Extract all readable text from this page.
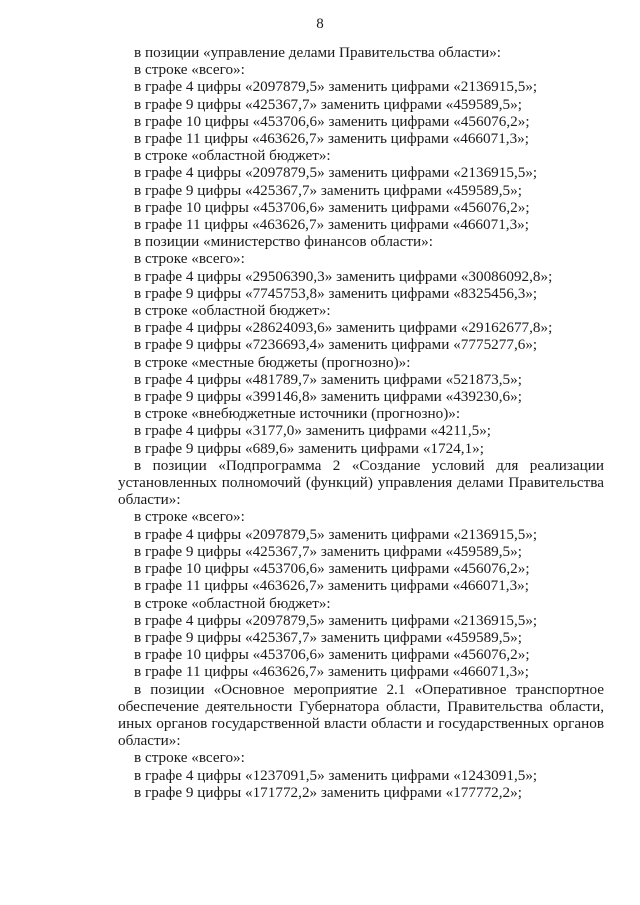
8
в позиции «управление делами Правительства области»:
в строке «всего»:
в графе 4 цифры «2097879,5» заменить цифрами «2136915,5»;
в графе 9 цифры «425367,7» заменить цифрами «459589,5»;
в графе 10 цифры «453706,6» заменить цифрами «456076,2»;
в графе 11 цифры «463626,7» заменить цифрами «466071,3»;
в строке «областной бюджет»:
в графе 4 цифры «2097879,5» заменить цифрами «2136915,5»;
в графе 9 цифры «425367,7» заменить цифрами «459589,5»;
в графе 10 цифры «453706,6» заменить цифрами «456076,2»;
в графе 11 цифры «463626,7» заменить цифрами «466071,3»;
в позиции «министерство финансов области»:
в строке «всего»:
в графе 4 цифры «29506390,3» заменить цифрами «30086092,8»;
в графе 9 цифры «7745753,8» заменить цифрами «8325456,3»;
в строке «областной бюджет»:
в графе 4 цифры «28624093,6» заменить цифрами «29162677,8»;
в графе 9 цифры «7236693,4» заменить цифрами «7775277,6»;
в строке «местные бюджеты (прогнозно)»:
в графе 4 цифры «481789,7» заменить цифрами «521873,5»;
в графе 9 цифры «399146,8» заменить цифрами «439230,6»;
в строке «внебюджетные источники (прогнозно)»:
в графе 4 цифры «3177,0» заменить цифрами «4211,5»;
в графе 9 цифры «689,6» заменить цифрами «1724,1»;
в позиции «Подпрограмма 2 «Создание условий для реализации установленных полномочий (функций) управления делами Правительства области»:
в строке «всего»:
в графе 4 цифры «2097879,5» заменить цифрами «2136915,5»;
в графе 9 цифры «425367,7» заменить цифрами «459589,5»;
в графе 10 цифры «453706,6» заменить цифрами «456076,2»;
в графе 11 цифры «463626,7» заменить цифрами «466071,3»;
в строке «областной бюджет»:
в графе 4 цифры «2097879,5» заменить цифрами «2136915,5»;
в графе 9 цифры «425367,7» заменить цифрами «459589,5»;
в графе 10 цифры «453706,6» заменить цифрами «456076,2»;
в графе 11 цифры «463626,7» заменить цифрами «466071,3»;
в позиции «Основное мероприятие 2.1 «Оперативное транспортное обеспечение деятельности Губернатора области, Правительства области, иных органов государственной власти области и государственных органов области»:
в строке «всего»:
в графе 4 цифры «1237091,5» заменить цифрами «1243091,5»;
в графе 9 цифры «171772,2» заменить цифрами «177772,2»;
